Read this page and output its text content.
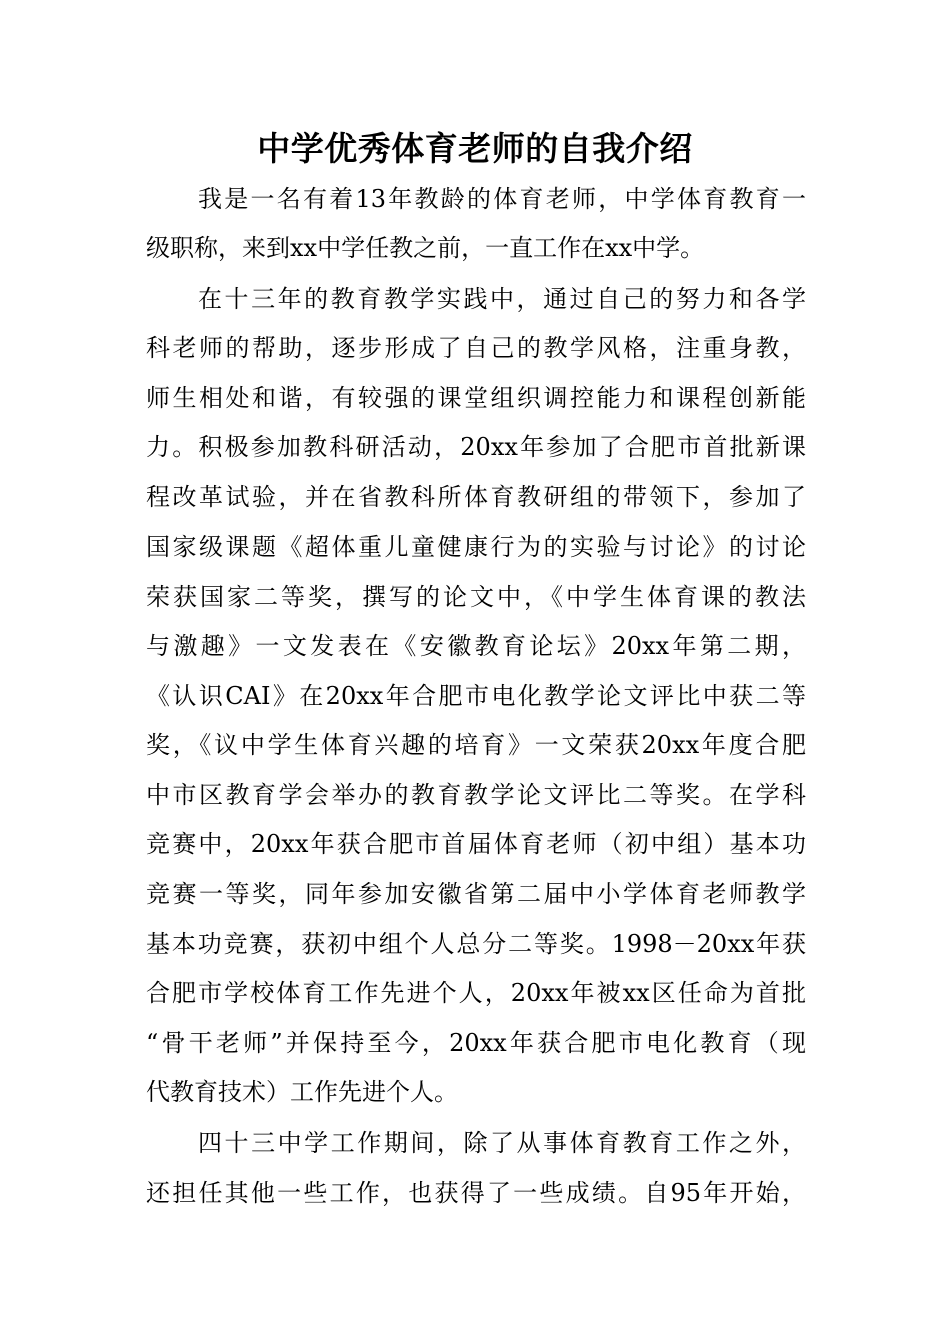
中学优秀体育老师的自我介绍
我是一名有着13年教龄的体育老师，中学体育教育一
级职称，来到xx中学任教之前，一直工作在xx中学。
在十三年的教育教学实践中，通过自己的努力和各学
科老师的帮助，逐步形成了自己的教学风格，注重身教，
师生相处和谐，有较强的课堂组织调控能力和课程创新能
力。积极参加教科研活动，20xx年参加了合肥市首批新课
程改革试验，并在省教科所体育教研组的带领下，参加了
国家级课题《超体重儿童健康行为的实验与讨论》的讨论
荣获国家二等奖，撰写的论文中，《中学生体育课的教法
与激趣》一文发表在《安徽教育论坛》20xx年第二期，
《认识CAI》在20xx年合肥市电化教学论文评比中获二等
奖，《议中学生体育兴趣的培育》一文荣获20xx年度合肥
中市区教育学会举办的教育教学论文评比二等奖。在学科
竞赛中，20xx年获合肥市首届体育老师（初中组）基本功
竞赛一等奖，同年参加安徽省第二届中小学体育老师教学
基本功竞赛，获初中组个人总分二等奖。1998－20xx年获
合肥市学校体育工作先进个人，20xx年被xx区任命为首批
“骨干老师”并保持至今，20xx年获合肥市电化教育（现
代教育技术）工作先进个人。
四十三中学工作期间，除了从事体育教育工作之外，
还担任其他一些工作，也获得了一些成绩。自95年开始，
